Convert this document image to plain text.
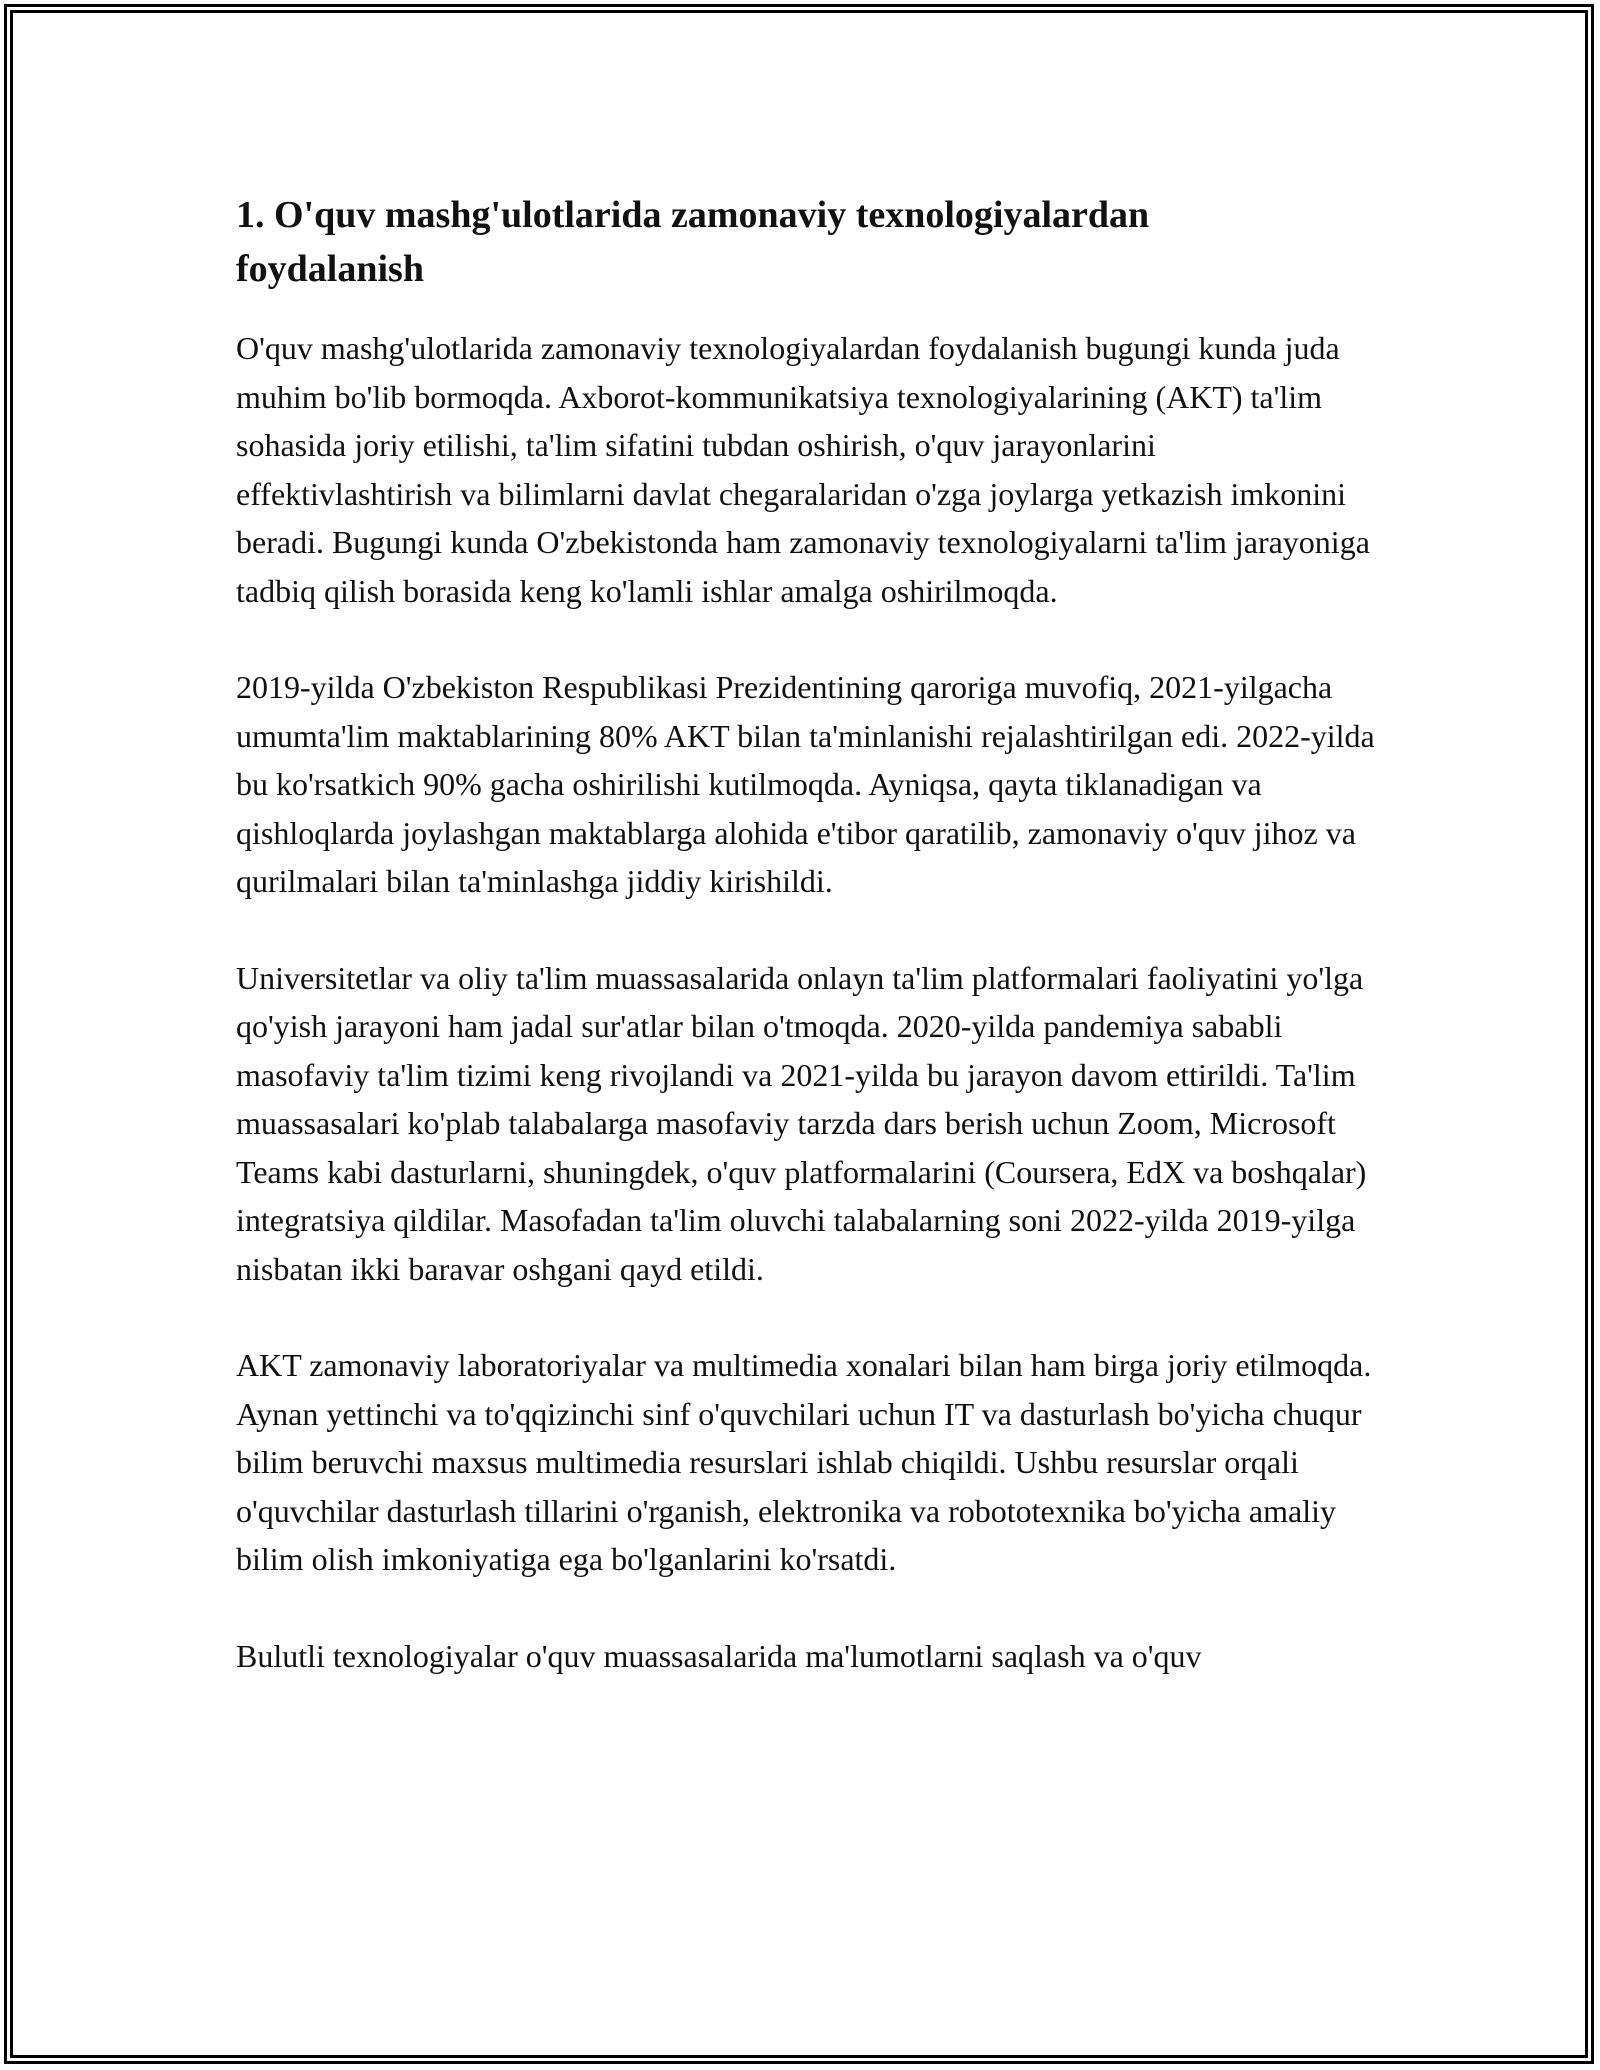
1. O'quv mashg'ulotlarida zamonaviy texnologiyalardan foydalanish

O'quv mashg'ulotlarida zamonaviy texnologiyalardan foydalanish bugungi kunda juda muhim bo'lib bormoqda. Axborot-kommunikatsiya texnologiyalarining (AKT) ta'lim sohasida joriy etilishi, ta'lim sifatini tubdan oshirish, o'quv jarayonlarini effektivlashtirish va bilimlarni davlat chegaralaridan o'zga joylarga yetkazish imkonini beradi. Bugungi kunda O'zbekistonda ham zamonaviy texnologiyalarni ta'lim jarayoniga tadbiq qilish borasida keng ko'lamli ishlar amalga oshirilmoqda.

2019-yilda O'zbekiston Respublikasi Prezidentining qaroriga muvofiq, 2021-yilgacha umumta'lim maktablarining 80% AKT bilan ta'minlanishi rejalashtirilgan edi. 2022-yilda bu ko'rsatkich 90% gacha oshirilishi kutilmoqda. Ayniqsa, qayta tiklanadigan va qishloqlarda joylashgan maktablarga alohida e'tibor qaratilib, zamonaviy o'quv jihoz va qurilmalari bilan ta'minlashga jiddiy kirishildi.

Universitetlar va oliy ta'lim muassasalarida onlayn ta'lim platformalari faoliyatini yo'lga qo'yish jarayoni ham jadal sur'atlar bilan o'tmoqda. 2020-yilda pandemiya sababli masofaviy ta'lim tizimi keng rivojlandi va 2021-yilda bu jarayon davom ettirildi. Ta'lim muassasalari ko'plab talabalarga masofaviy tarzda dars berish uchun Zoom, Microsoft Teams kabi dasturlarni, shuningdek, o'quv platformalarini (Coursera, EdX va boshqalar) integratsiya qildilar. Masofadan ta'lim oluvchi talabalarning soni 2022-yilda 2019-yilga nisbatan ikki baravar oshgani qayd etildi.

AKT zamonaviy laboratoriyalar va multimedia xonalari bilan ham birga joriy etilmoqda. Aynan yettinchi va to'qqizinchi sinf o'quvchilari uchun IT va dasturlash bo'yicha chuqur bilim beruvchi maxsus multimedia resurslari ishlab chiqildi. Ushbu resurslar orqali o'quvchilar dasturlash tillarini o'rganish, elektronika va robototexnika bo'yicha amaliy bilim olish imkoniyatiga ega bo'lganlarini ko'rsatdi.

Bulutli texnologiyalar o'quv muassasalarida ma'lumotlarni saqlash va o'quv
